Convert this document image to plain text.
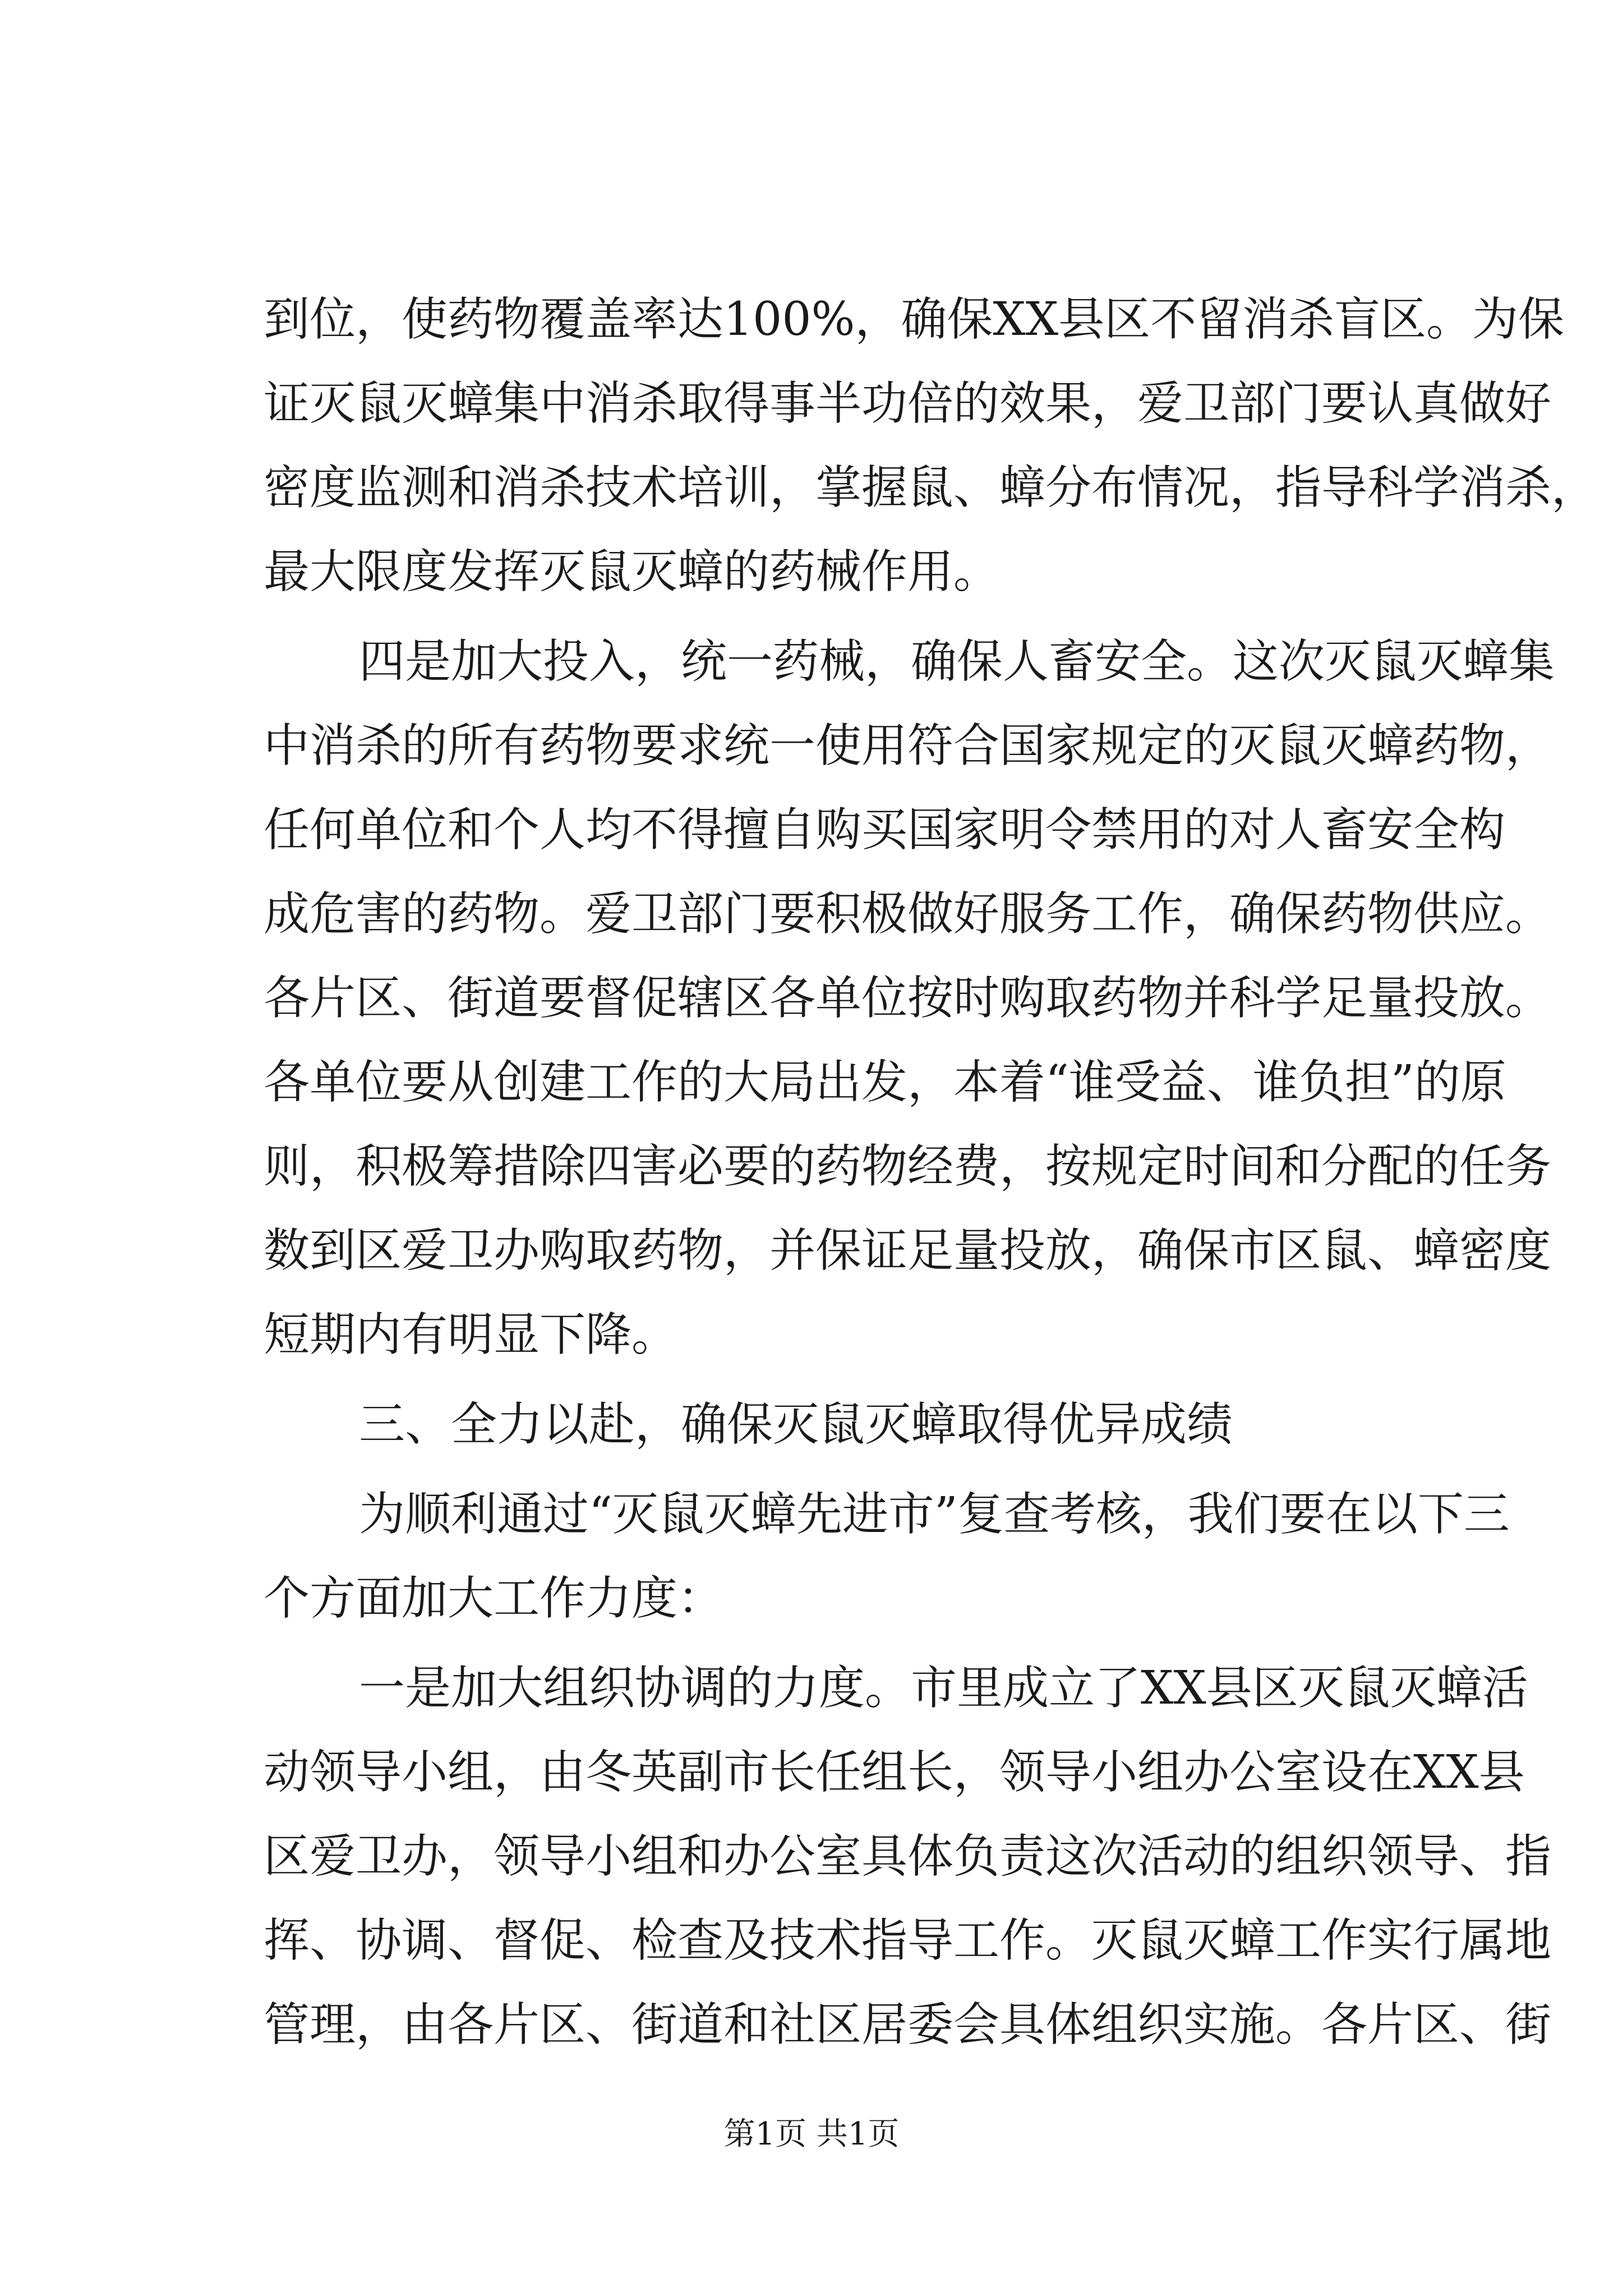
到位，使药物覆盖率达100%，确保XX县区不留消杀盲区。为保
证灭鼠灭蟑集中消杀取得事半功倍的效果，爱卫部门要认真做好
密度监测和消杀技术培训，掌握鼠、蟑分布情况，指导科学消杀，
最大限度发挥灭鼠灭蟑的药械作用。
四是加大投入，统一药械，确保人畜安全。这次灭鼠灭蟑集
中消杀的所有药物要求统一使用符合国家规定的灭鼠灭蟑药物，
任何单位和个人均不得擅自购买国家明令禁用的对人畜安全构
成危害的药物。爱卫部门要积极做好服务工作，确保药物供应。
各片区、街道要督促辖区各单位按时购取药物并科学足量投放。
各单位要从创建工作的大局出发，本着“谁受益、谁负担”的原
则，积极筹措除四害必要的药物经费，按规定时间和分配的任务
数到区爱卫办购取药物，并保证足量投放，确保市区鼠、蟑密度
短期内有明显下降。
三、全力以赴，确保灭鼠灭蟑取得优异成绩
为顺利通过“灭鼠灭蟑先进市”复查考核，我们要在以下三
个方面加大工作力度：
一是加大组织协调的力度。市里成立了XX县区灭鼠灭蟑活
动领导小组，由冬英副市长任组长，领导小组办公室设在XX县
区爱卫办，领导小组和办公室具体负责这次活动的组织领导、指
挥、协调、督促、检查及技术指导工作。灭鼠灭蟑工作实行属地
管理，由各片区、街道和社区居委会具体组织实施。各片区、街
第1页 共1页
